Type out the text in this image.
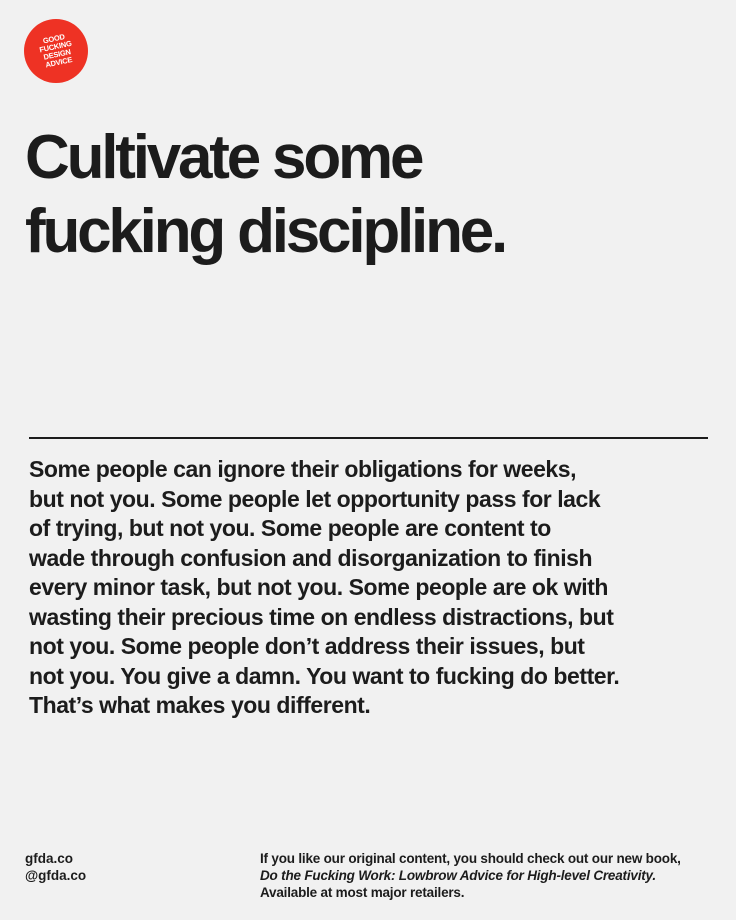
GOOD
FUCKING
DESIGN
ADVICE
Cultivate some
fucking discipline.

Some people can ignore their obligations for weeks,
but not you. Some people let opportunity pass for lack
of trying, but not you. Some people are content to
wade through confusion and disorganization to finish
every minor task, but not you. Some people are ok with
wasting their precious time on endless distractions, but
not you. Some people don’t address their issues, but
not you. You give a damn. You want to fucking do better.
That’s what makes you different.

gfda.co
@gfda.co
If you like our original content, you should check out our new book,
Do the Fucking Work: Lowbrow Advice for High-level Creativity.
Available at most major retailers.
